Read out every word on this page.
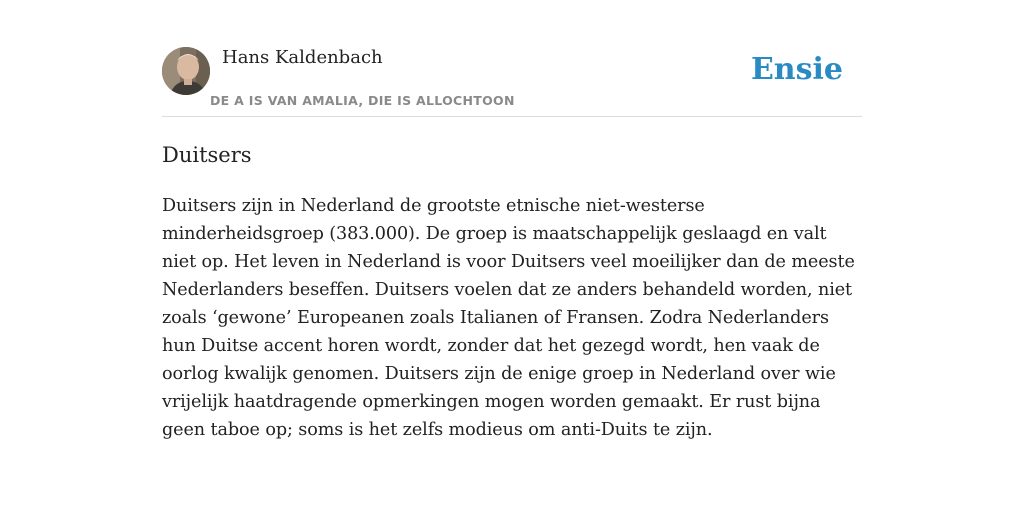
Hans Kaldenbach
DE A IS VAN AMALIA, DIE IS ALLOCHTOON
Ensie
Duitsers

Duitsers zijn in Nederland de grootste etnische niet-westerse minderheidsgroep (383.000). De groep is maatschappelijk geslaagd en valt niet op. Het leven in Nederland is voor Duitsers veel moeilijker dan de meeste Nederlanders beseffen. Duitsers voelen dat ze anders behandeld worden, niet zoals ‘gewone’ Europeanen zoals Italianen of Fransen. Zodra Nederlanders hun Duitse accent horen wordt, zonder dat het gezegd wordt, hen vaak de oorlog kwalijk genomen. Duitsers zijn de enige groep in Nederland over wie vrijelijk haatdragende opmerkingen mogen worden gemaakt. Er rust bijna geen taboe op; soms is het zelfs modieus om anti-Duits te zijn.
